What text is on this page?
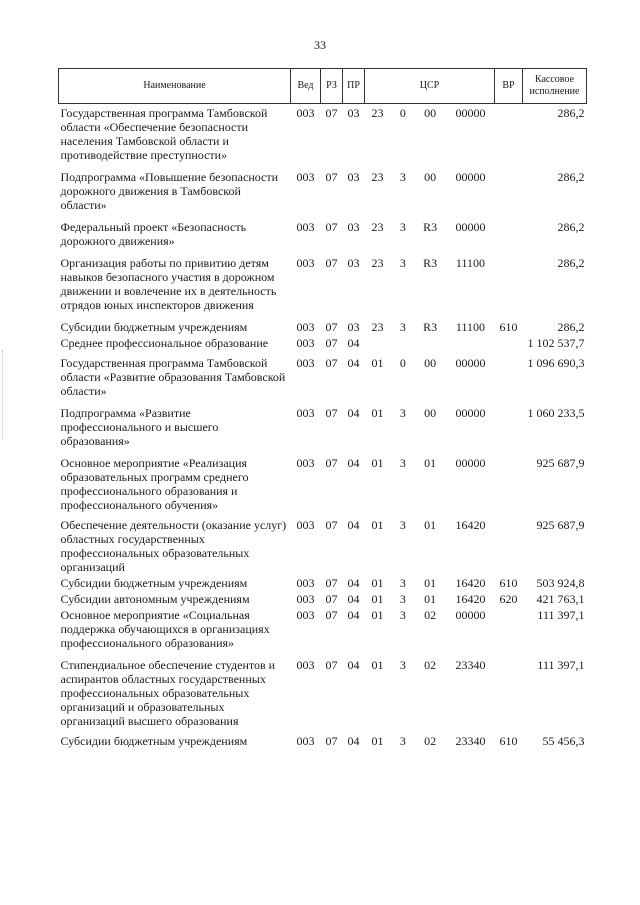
33
Наименование	Вед	РЗ	ПР	ЦСР	ВР	Кассовое исполнение
Государственная программа Тамбовской области «Обеспечение безопасности населения Тамбовской области и противодействие преступности»	003	07	03	23 0 00 00000		286,2
Подпрограмма «Повышение безопасности дорожного движения в Тамбовской области»	003	07	03	23 3 00 00000		286,2
Федеральный проект «Безопасность дорожного движения»	003	07	03	23 3 R3 00000		286,2
Организация работы по привитию детям навыков безопасного участия в дорожном движении и вовлечение их в деятельность отрядов юных инспекторов движения	003	07	03	23 3 R3 11100		286,2
Субсидии бюджетным учреждениям	003	07	03	23 3 R3 11100	610	286,2
Среднее профессиональное образование	003	07	04			1 102 537,7
Государственная программа Тамбовской области «Развитие образования Тамбовской области»	003	07	04	01 0 00 00000		1 096 690,3
Подпрограмма «Развитие профессионального и высшего образования»	003	07	04	01 3 00 00000		1 060 233,5
Основное мероприятие «Реализация образовательных программ среднего профессионального образования и профессионального обучения»	003	07	04	01 3 01 00000		925 687,9
Обеспечение деятельности (оказание услуг) областных государственных профессиональных образовательных организаций	003	07	04	01 3 01 16420		925 687,9
Субсидии бюджетным учреждениям	003	07	04	01 3 01 16420	610	503 924,8
Субсидии автономным учреждениям	003	07	04	01 3 01 16420	620	421 763,1
Основное мероприятие «Социальная поддержка обучающихся в организациях профессионального образования»	003	07	04	01 3 02 00000		111 397,1
Стипендиальное обеспечение студентов и аспирантов областных государственных профессиональных образовательных организаций и образовательных организаций высшего образования	003	07	04	01 3 02 23340		111 397,1
Субсидии бюджетным учреждениям	003	07	04	01 3 02 23340	610	55 456,3
